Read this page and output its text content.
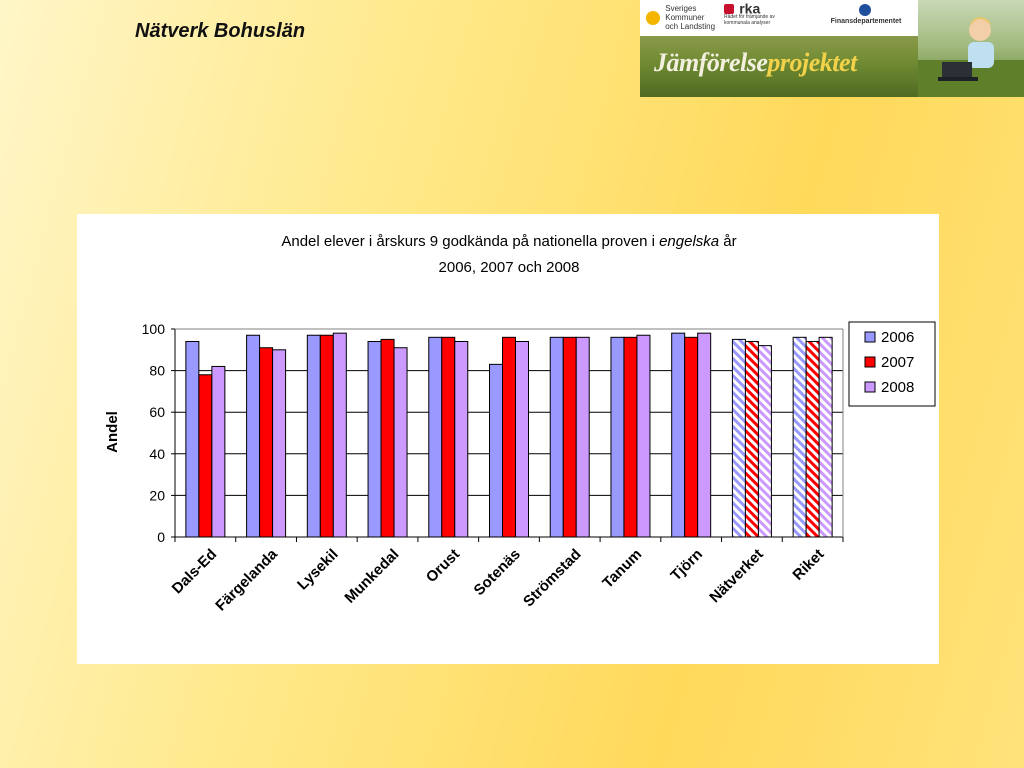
Nätverk Bohuslän
Sveriges
Kommuner
och Landsting
rka

Rådet för främjande av kommunala analyser	Finansdepartementet
Jämförelseprojektet
Andel elever i årskurs 9 godkända på nationella proven i engelska år
2006, 2007 och 2008
Andel
0
20
40
60
80
100
Dals-Ed
Färgelanda Lysekil Munkedal Orust Sotenäs
Strömstad Tanum Tjörn Nätverket Riket
2006
2007
2008
